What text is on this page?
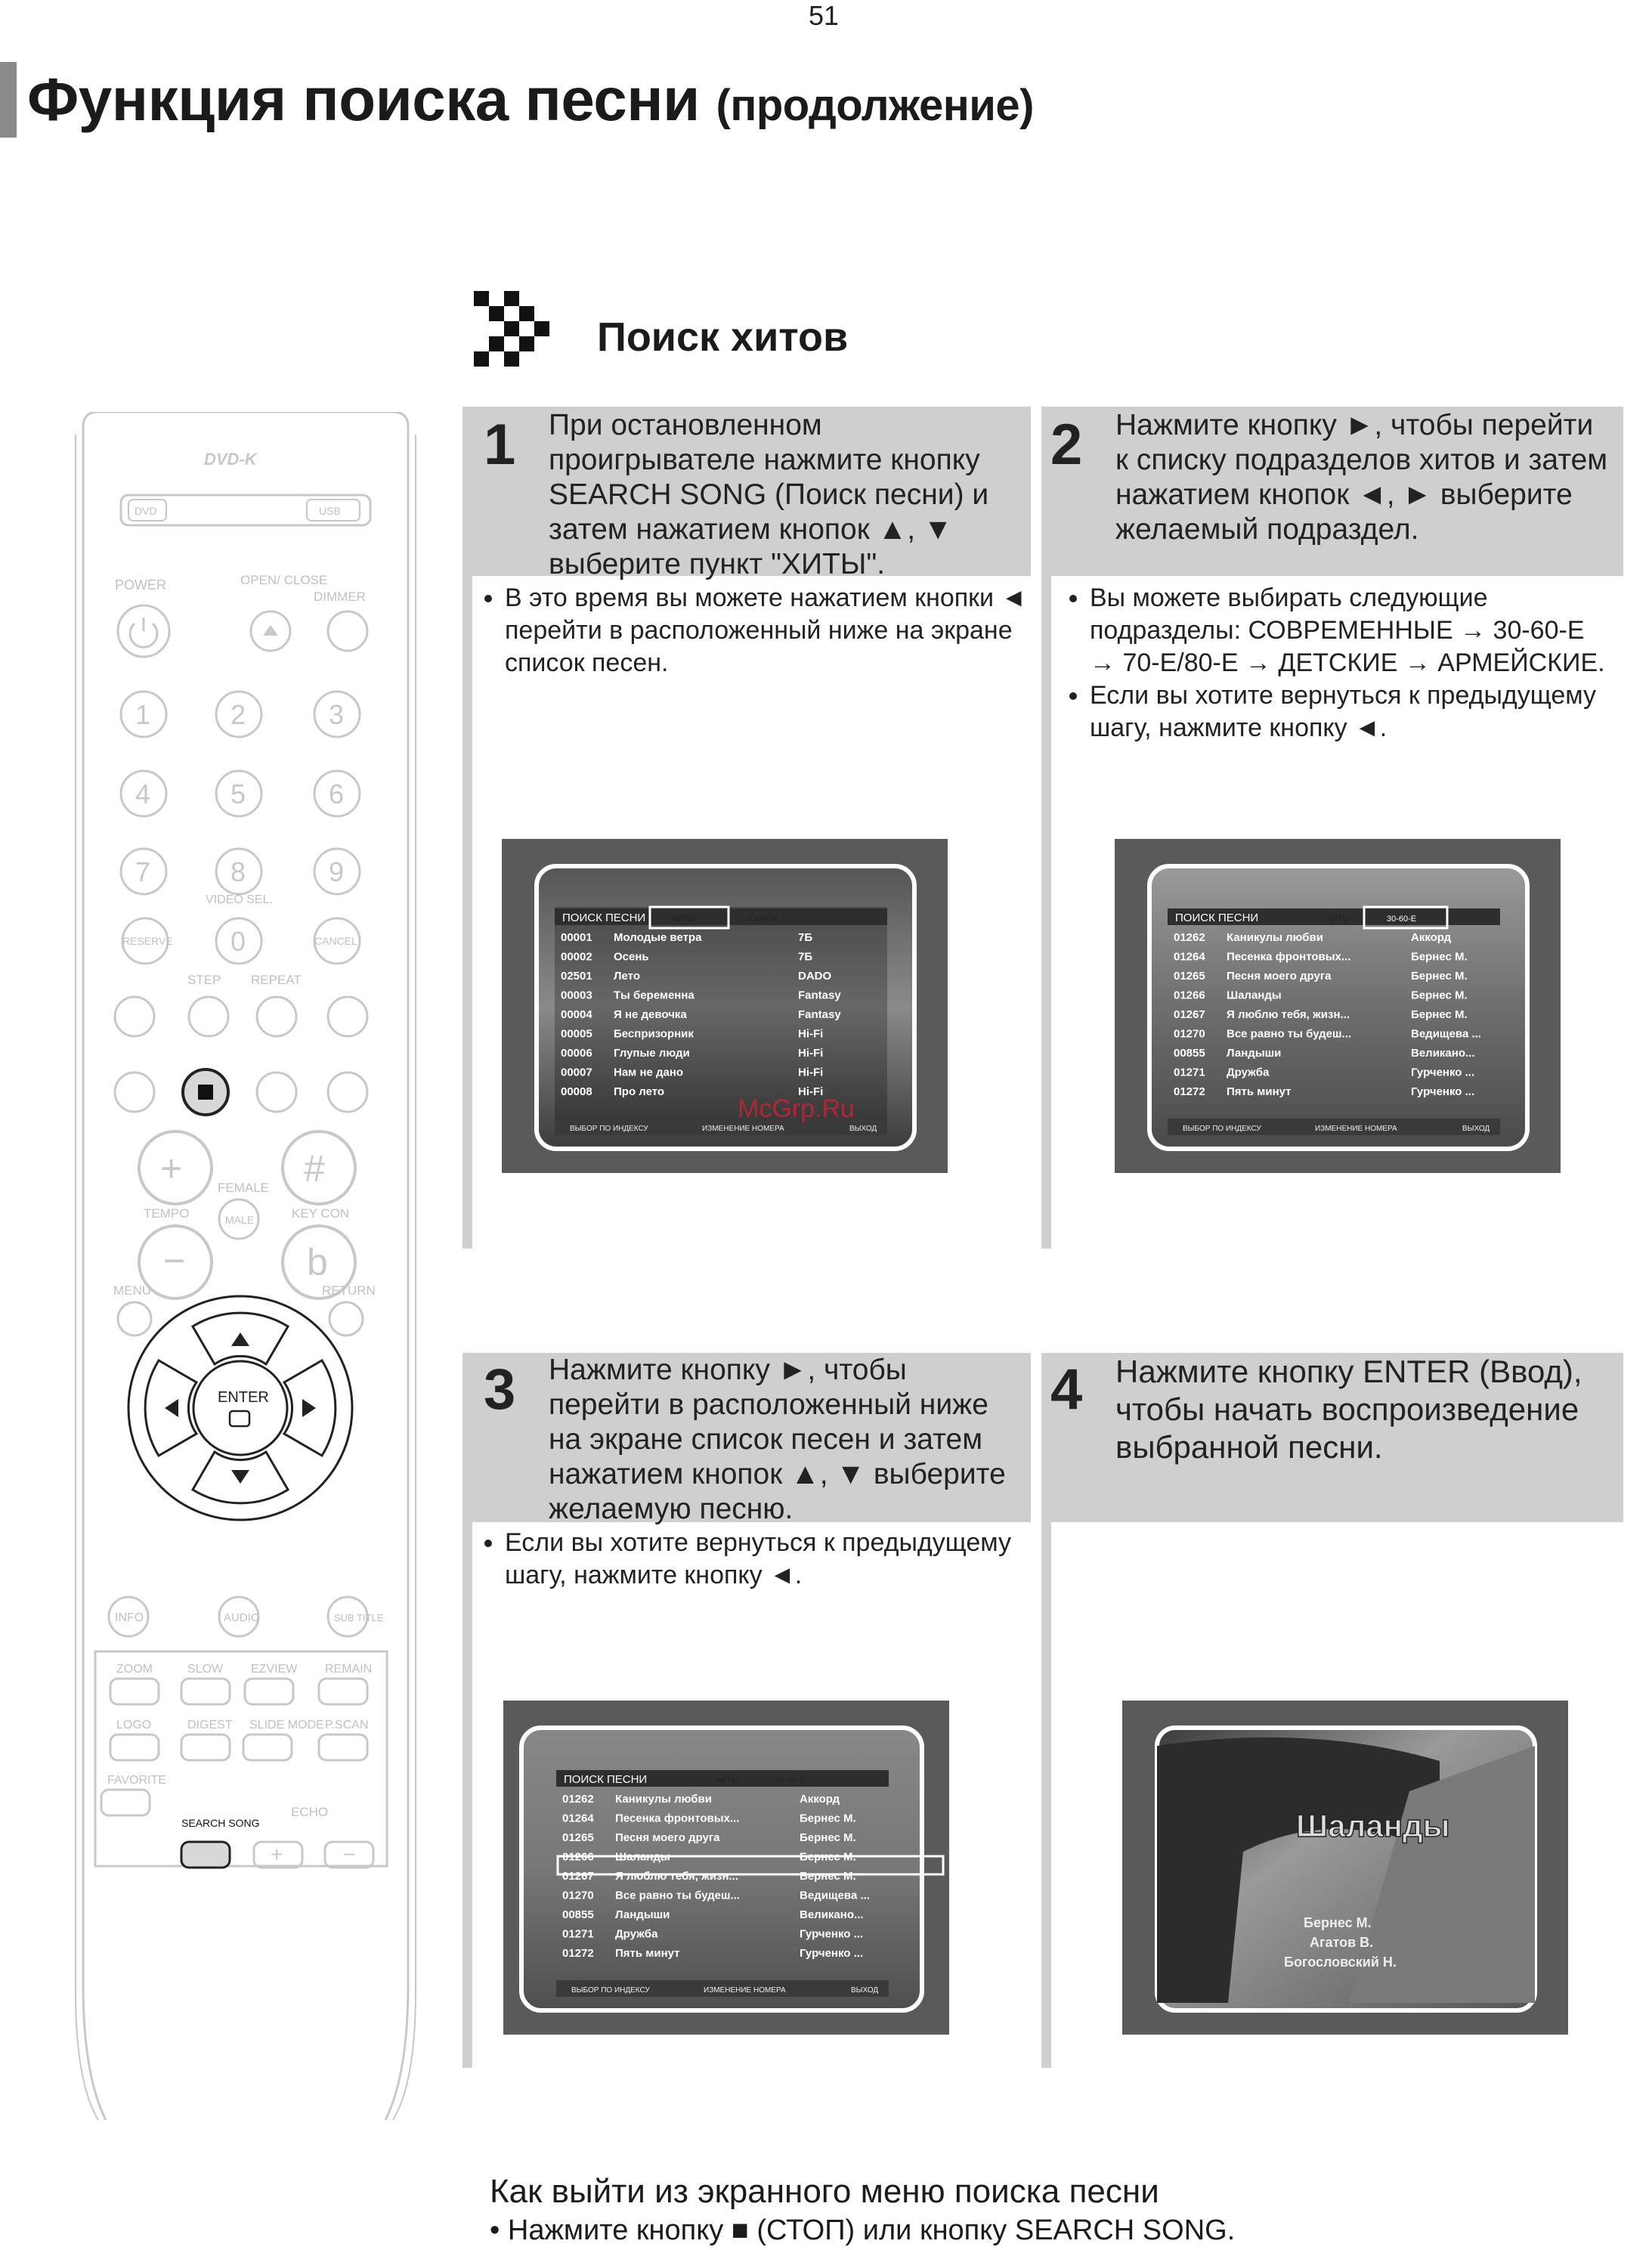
51
Функция поиска песни (продолжение)
Поиск хитов
1 При остановленном проигрывателе нажмите кнопку SEARCH SONG (Поиск песни) и затем нажатием кнопок ▲, ▼ выберите пункт "ХИТЫ".
• В это время вы можете нажатием кнопки ◄ перейти в расположенный ниже на экране список песен.
2 Нажмите кнопку ►, чтобы перейти к списку подразделов хитов и затем нажатием кнопок ◄, ► выберите желаемый подраздел.
• Вы можете выбирать следующие подразделы: СОВРЕМЕННЫЕ → 30-60-Е → 70-Е/80-Е → ДЕТСКИЕ → АРМЕЙСКИЕ.
• Если вы хотите вернуться к предыдущему шагу, нажмите кнопку ◄.
3 Нажмите кнопку ►, чтобы перейти в расположенный ниже на экране список песен и затем нажатием кнопок ▲, ▼ выберите желаемую песню.
• Если вы хотите вернуться к предыдущему шагу, нажмите кнопку ◄.
4 Нажмите кнопку ENTER (Ввод), чтобы начать воспроизведение выбранной песни.
ПОИСК ПЕСНИ	ХИТЫ	СОВРЕМ
00001 Молодые ветра	7Б
00002 Осень	7Б
02501 Лето	DADO
00003 Ты беременна	Fantasy
00004 Я не девочка	Fantasy
00005 Беспризорник	Hi-Fi
00006 Глупые люди	Hi-Fi
00007 Нам не дано	Hi-Fi
00008 Про лето	Hi-Fi
ВЫБОР ПО ИНДЕКСУ	ИЗМЕНЕНИЕ НОМЕРА	ВЫХОД
McGrp.Ru
ПОИСК ПЕСНИ	ХИТЫ	30-60-Е
01262 Каникулы любви	Аккорд
01264 Песенка фронтовых...	Бернес М.
01265 Песня моего друга	Бернес М.
01266 Шаланды	Бернес М.
01267 Я люблю тебя, жизн...	Бернес М.
01270 Все равно ты будеш...	Ведищева ...
00855 Ландыши	Великано...
01271 Дружба	Гурченко ...
01272 Пять минут	Гурченко ...
ВЫБОР ПО ИНДЕКСУ	ИЗМЕНЕНИЕ НОМЕРА	ВЫХОД
ПОИСК ПЕСНИ	ХИТЫ	30-60-Е
01262 Каникулы любви	Аккорд
01264 Песенка фронтовых...	Бернес М.
01265 Песня моего друга	Бернес М.
01266 Шаланды	Бернес М.
01267 Я люблю тебя, жизн...	Бернес М.
01270 Все равно ты будеш...	Ведищева ...
00855 Ландыши	Великано...
01271 Дружба	Гурченко ...
01272 Пять минут	Гурченко ...
ВЫБОР ПО ИНДЕКСУ	ИЗМЕНЕНИЕ НОМЕРА	ВЫХОД
Шаланды
Бернес М.
Агатов В.
Богословский Н.
DVD-K
DVD	USB
POWER	OPEN/ CLOSE
DIMMER
1	2	3
4	5	6
7	8	9
0
VIDEO SEL.
RESERVE	CANCEL
STEP REPEAT
+	#
FEMALE
MALE
TEMPO	KEY CON
−	b
MENU	RETURN
ENTER
INFO	AUDIO	SUB TITLE
ZOOM	SLOW EZVIEW REMAIN
LOGO	DIGEST SLIDE MODE P.SCAN
FAVORITE
SEARCH SONG
ECHO
+	−
Как выйти из экранного меню поиска песни
• Нажмите кнопку ■ (СТОП) или кнопку SEARCH SONG.
